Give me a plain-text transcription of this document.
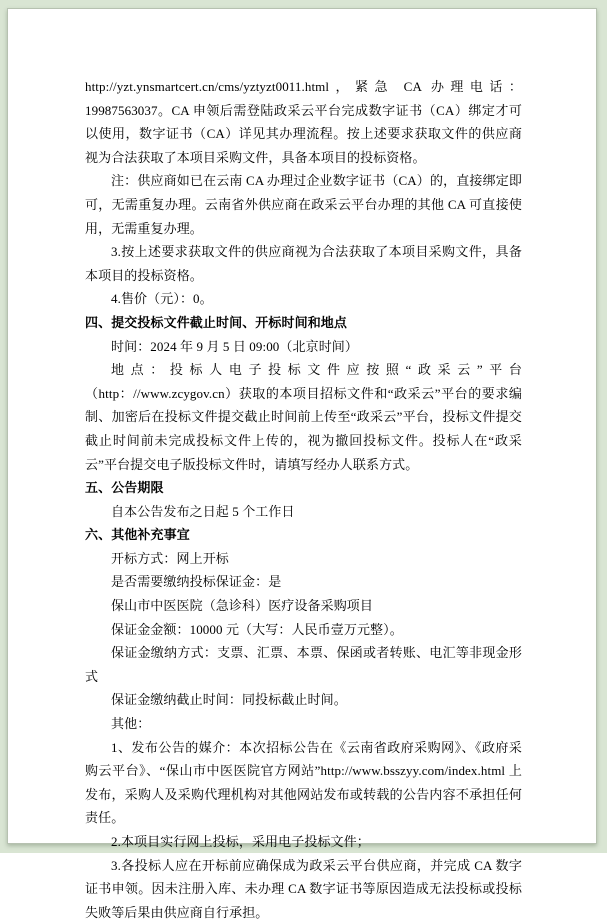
http://yzt.ynsmartcert.cn/cms/yztyzt0011.html，紧急 CA 办理电话：19987563037。CA 申领后需登陆政采云平台完成数字证书（CA）绑定才可以使用，数字证书（CA）详见其办理流程。按上述要求获取文件的供应商视为合法获取了本项目采购文件，具备本项目的投标资格。

注：供应商如已在云南 CA 办理过企业数字证书（CA）的，直接绑定即可，无需重复办理。云南省外供应商在政采云平台办理的其他 CA 可直接使用，无需重复办理。

3.按上述要求获取文件的供应商视为合法获取了本项目采购文件，具备本项目的投标资格。

4.售价（元）：0。

四、提交投标文件截止时间、开标时间和地点

时间：2024 年 9 月 5 日 09:00（北京时间）

地点：投标人电子投标文件应按照“政采云”平台（http：//www.zcygov.cn）获取的本项目招标文件和“政采云”平台的要求编制、加密后在投标文件提交截止时间前上传至“政采云”平台，投标文件提交截止时间前未完成投标文件上传的，视为撤回投标文件。投标人在“政采云”平台提交电子版投标文件时，请填写经办人联系方式。

五、公告期限

自本公告发布之日起 5 个工作日

六、其他补充事宜

开标方式：网上开标

是否需要缴纳投标保证金：是

保山市中医医院（急诊科）医疗设备采购项目

保证金金额：10000 元（大写：人民币壹万元整）。

保证金缴纳方式：支票、汇票、本票、保函或者转账、电汇等非现金形式

保证金缴纳截止时间：同投标截止时间。

其他：

1、发布公告的媒介：本次招标公告在《云南省政府采购网》、《政府采购云平台》、“保山市中医医院官方网站”http://www.bsszyy.com/index.html 上发布，采购人及采购代理机构对其他网站发布或转载的公告内容不承担任何责任。

2.本项目实行网上投标，采用电子投标文件；

3.各投标人应在开标前应确保成为政采云平台供应商，并完成 CA 数字证书申领。因未注册入库、未办理 CA 数字证书等原因造成无法投标或投标失败等后果由供应商自行承担。
